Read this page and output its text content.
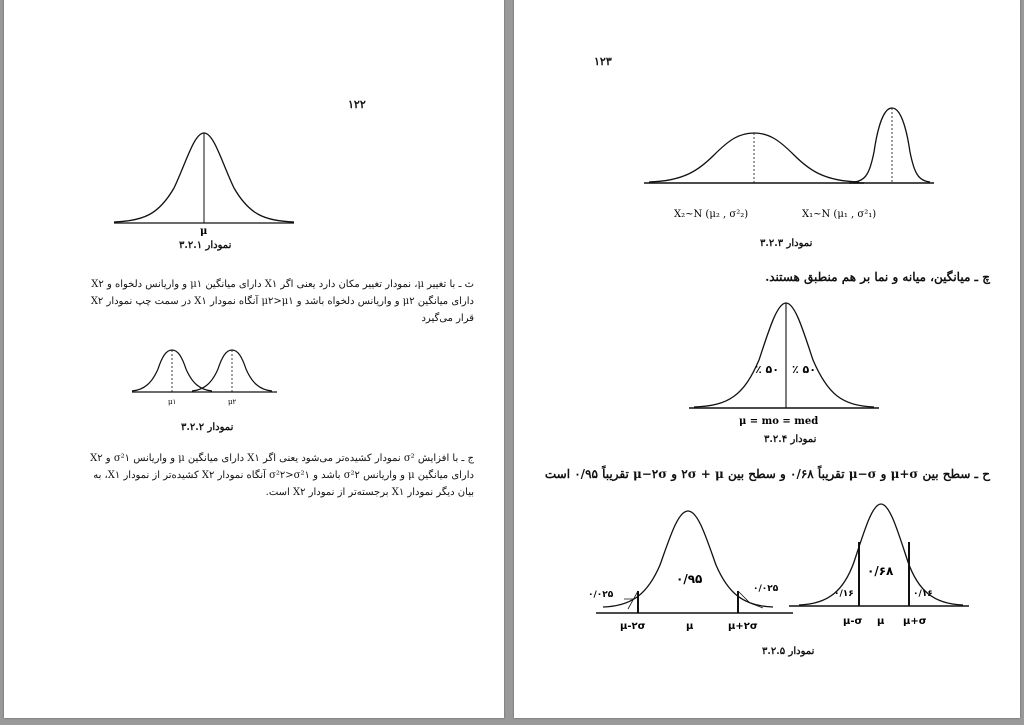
۱۲۲
μ
نمودار ۳.۲.۱
ث ـ با تغییر μ، نمودار تغییر مکان دارد یعنی اگر X۱ دارای میانگین μ۱ و واریانس دلخواه و X۲
دارای میانگین μ۲ و واریانس دلخواه باشد و μ۲>μ۱ آنگاه نمودار X۱ در سمت چپ نمودار X۲
قرار می‌گیرد
μ۱	μ۲
نمودار ۳.۲.۲
ج ـ با افزایش σ² نمودار کشیده‌تر می‌شود یعنی اگر X۱ دارای میانگین μ و واریانس σ²۱ و X۲
دارای میانگین μ و واریانس σ²۲ باشد و σ²۲>σ²۱ آنگاه نمودار X۲ کشیده‌تر از نمودار X۱، به
بیان دیگر نمودار X۱ برجسته‌تر از نمودار X۲ است.
۱۲۳
X₂~N (μ₂ , σ²₂)	X₁~N (μ₁ , σ²₁)
نمودار ۳.۲.۳
چ ـ میانگین، میانه و نما بر هم منطبق هستند.
٪ ۵۰ ٪ ۵۰
μ = mo = med
نمودار ۳.۲.۴
ح ـ سطح بین μ+σ و μ−σ تقریباً ۰/۶۸ و سطح بین ۲σ + μ و μ−۲σ تقریباً ۰/۹۵ است
۰/۹۵
۰/۰۲۵
۰/۰۲۵
μ-۲σ	μ	μ+۲σ
۰/۶۸
۰/۱۶	۰/۱۶
μ-σ μ μ+σ
نمودار ۳.۲.۵
